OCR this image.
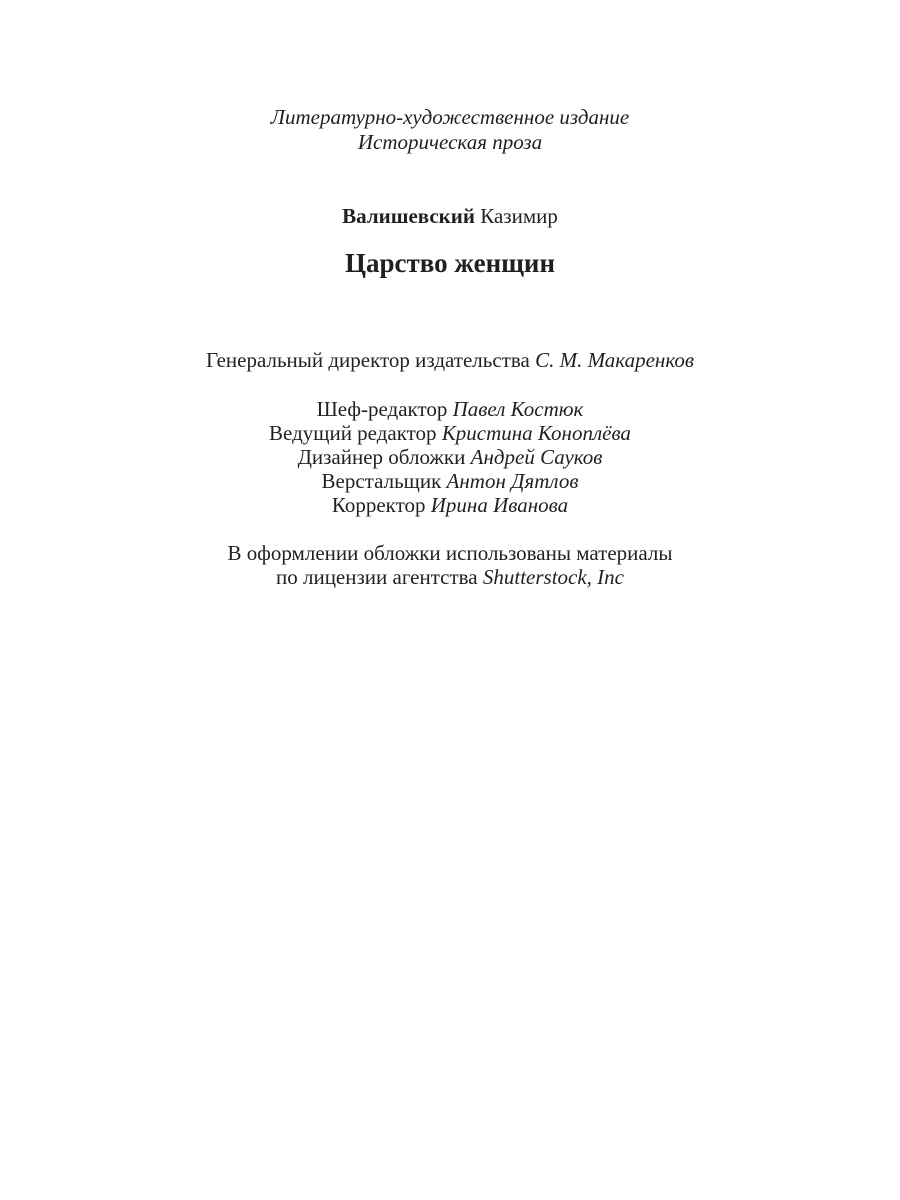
Литературно-художественное издание
Историческая проза
Валишевский Казимир
Царство женщин
Генеральный директор издательства С. М. Макаренков
Шеф-редактор Павел Костюк
Ведущий редактор Кристина Коноплёва
Дизайнер обложки Андрей Сауков
Верстальщик Антон Дятлов
Корректор Ирина Иванова
В оформлении обложки использованы материалы
по лицензии агентства Shutterstock, Inc
